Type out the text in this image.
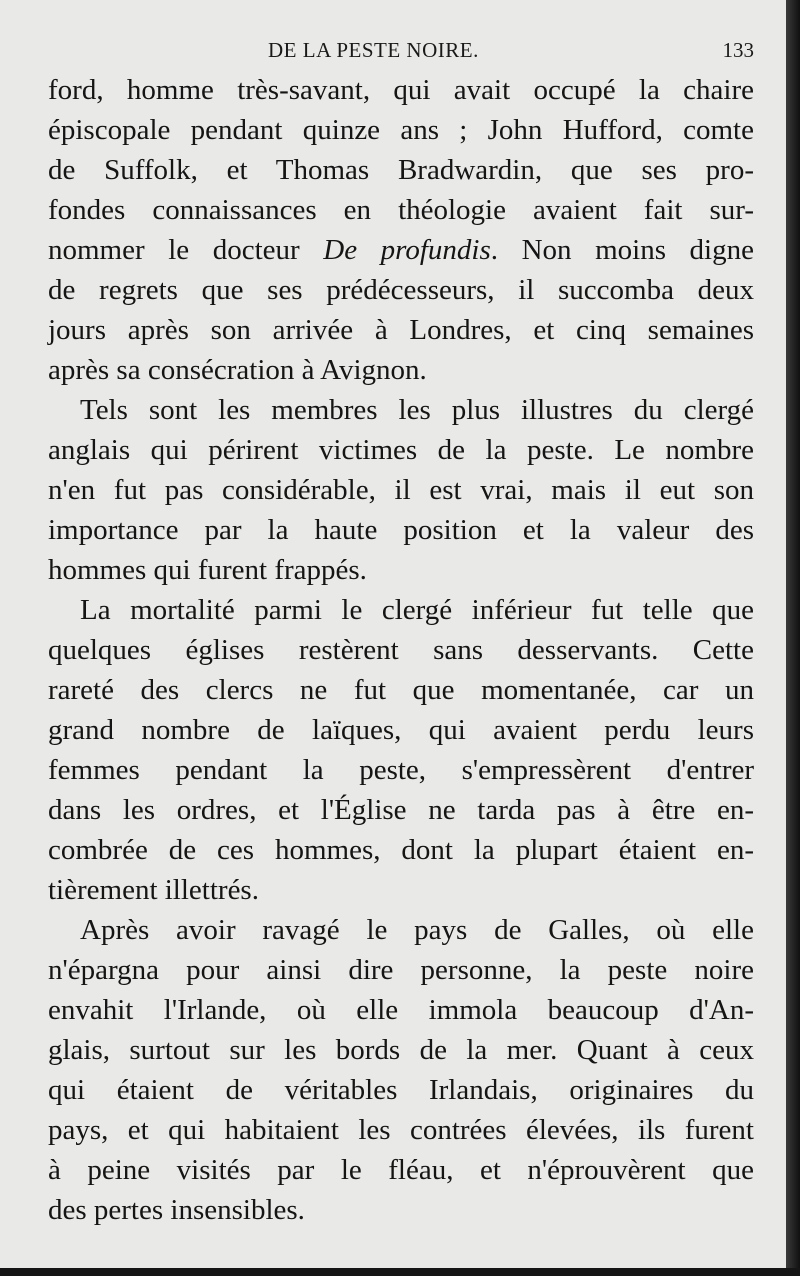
DE LA PESTE NOIRE.	133
ford, homme très-savant, qui avait occupé la chaire
épiscopale pendant quinze ans ; John Hufford, comte
de Suffolk, et Thomas Bradwardin, que ses pro-
fondes connaissances en théologie avaient fait sur-
nommer le docteur De profundis. Non moins digne
de regrets que ses prédécesseurs, il succomba deux
jours après son arrivée à Londres, et cinq semaines
après sa consécration à Avignon.
Tels sont les membres les plus illustres du clergé
anglais qui périrent victimes de la peste. Le nombre
n'en fut pas considérable, il est vrai, mais il eut son
importance par la haute position et la valeur des
hommes qui furent frappés.
La mortalité parmi le clergé inférieur fut telle que
quelques églises restèrent sans desservants. Cette
rareté des clercs ne fut que momentanée, car un
grand nombre de laïques, qui avaient perdu leurs
femmes pendant la peste, s'empressèrent d'entrer
dans les ordres, et l'Église ne tarda pas à être en-
combrée de ces hommes, dont la plupart étaient en-
tièrement illettrés.
Après avoir ravagé le pays de Galles, où elle
n'épargna pour ainsi dire personne, la peste noire
envahit l'Irlande, où elle immola beaucoup d'An-
glais, surtout sur les bords de la mer. Quant à ceux
qui étaient de véritables Irlandais, originaires du
pays, et qui habitaient les contrées élevées, ils furent
à peine visités par le fléau, et n'éprouvèrent que
des pertes insensibles.
